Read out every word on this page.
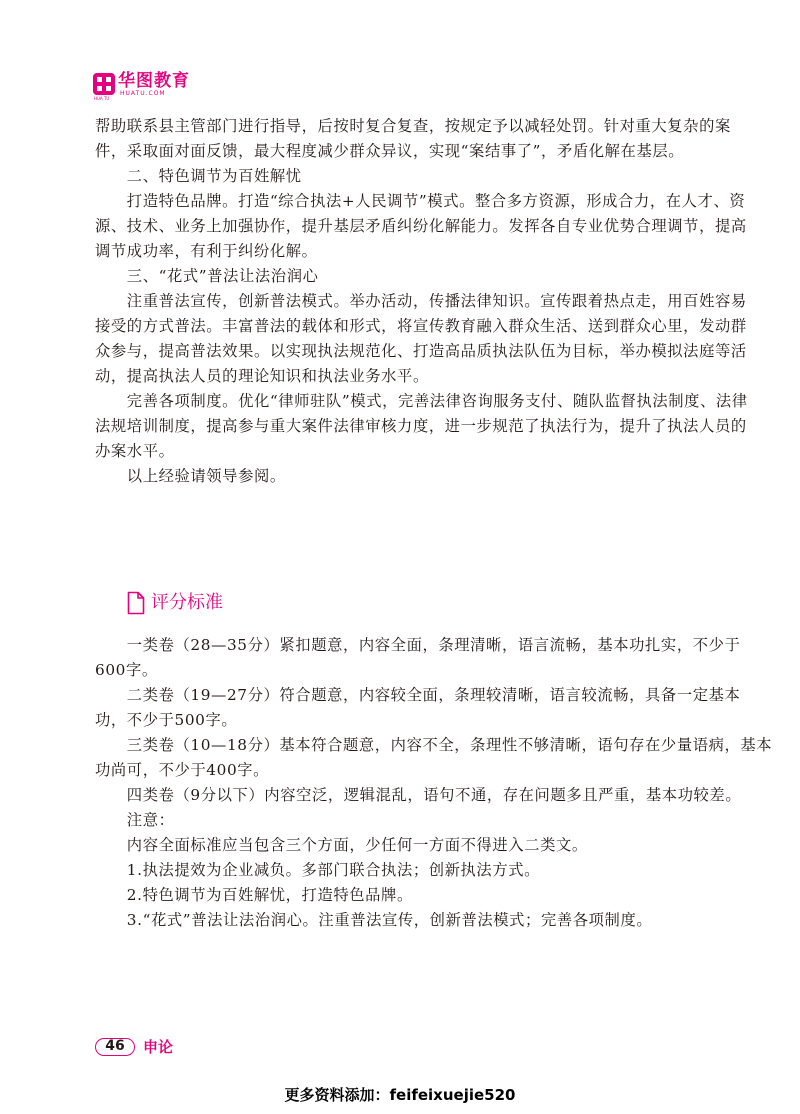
HUA TU
华图教育
HUATU.COM

帮助联系县主管部门进行指导，后按时复合复查，按规定予以减轻处罚。针对重大复杂的案

件，采取面对面反馈，最大程度减少群众异议，实现“案结事了”，矛盾化解在基层。

　　二、特色调节为百姓解忧

　　打造特色品牌。打造“综合执法+人民调节”模式。整合多方资源，形成合力，在人才、资

源、技术、业务上加强协作，提升基层矛盾纠纷化解能力。发挥各自专业优势合理调节，提高

调节成功率，有利于纠纷化解。

　　三、“花式”普法让法治润心

　　注重普法宣传，创新普法模式。举办活动，传播法律知识。宣传跟着热点走，用百姓容易

接受的方式普法。丰富普法的载体和形式，将宣传教育融入群众生活、送到群众心里，发动群

众参与，提高普法效果。以实现执法规范化、打造高品质执法队伍为目标，举办模拟法庭等活

动，提高执法人员的理论知识和执法业务水平。

　　完善各项制度。优化“律师驻队”模式，完善法律咨询服务支付、随队监督执法制度、法律

法规培训制度，提高参与重大案件法律审核力度，进一步规范了执法行为，提升了执法人员的

办案水平。

　　以上经验请领导参阅。

评分标准

　　一类卷（28—35分）紧扣题意，内容全面，条理清晰，语言流畅，基本功扎实，不少于

600字。

　　二类卷（19—27分）符合题意，内容较全面，条理较清晰，语言较流畅，具备一定基本

功，不少于500字。

　　三类卷（10—18分）基本符合题意，内容不全，条理性不够清晰，语句存在少量语病，基本

功尚可，不少于400字。

　　四类卷（9分以下）内容空泛，逻辑混乱，语句不通，存在问题多且严重，基本功较差。

　　注意：

　　内容全面标准应当包含三个方面，少任何一方面不得进入二类文。

　　1.执法提效为企业减负。多部门联合执法；创新执法方式。

　　2.特色调节为百姓解忧，打造特色品牌。

　　3.“花式”普法让法治润心。注重普法宣传，创新普法模式；完善各项制度。

46	申论
更多资料添加：feifeixuejie520
